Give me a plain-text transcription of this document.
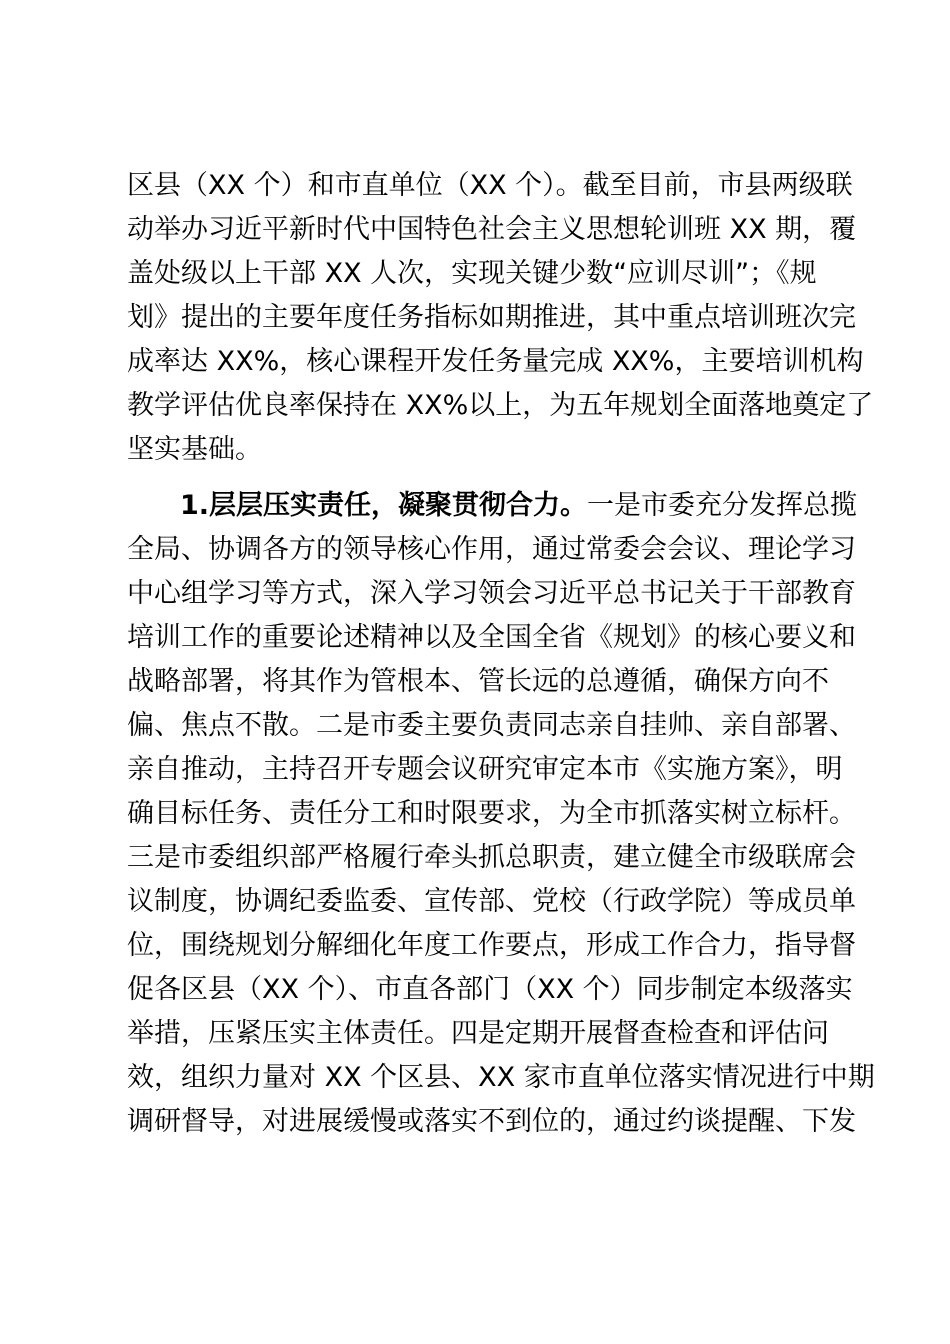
区县（XX 个）和市直单位（XX 个）。截至目前，市县两级联
动举办习近平新时代中国特色社会主义思想轮训班 XX 期，覆
盖处级以上干部 XX 人次，实现关键少数“应训尽训”；《规
划》提出的主要年度任务指标如期推进，其中重点培训班次完
成率达 XX%，核心课程开发任务量完成 XX%，主要培训机构
教学评估优良率保持在 XX%以上，为五年规划全面落地奠定了
坚实基础。
1.层层压实责任，凝聚贯彻合力。一是市委充分发挥总揽
全局、协调各方的领导核心作用，通过常委会会议、理论学习
中心组学习等方式，深入学习领会习近平总书记关于干部教育
培训工作的重要论述精神以及全国全省《规划》的核心要义和
战略部署，将其作为管根本、管长远的总遵循，确保方向不
偏、焦点不散。二是市委主要负责同志亲自挂帅、亲自部署、
亲自推动，主持召开专题会议研究审定本市《实施方案》，明
确目标任务、责任分工和时限要求，为全市抓落实树立标杆。
三是市委组织部严格履行牵头抓总职责，建立健全市级联席会
议制度，协调纪委监委、宣传部、党校（行政学院）等成员单
位，围绕规划分解细化年度工作要点，形成工作合力，指导督
促各区县（XX 个）、市直各部门（XX 个）同步制定本级落实
举措，压紧压实主体责任。四是定期开展督查检查和评估问
效，组织力量对 XX 个区县、XX 家市直单位落实情况进行中期
调研督导，对进展缓慢或落实不到位的，通过约谈提醒、下发
